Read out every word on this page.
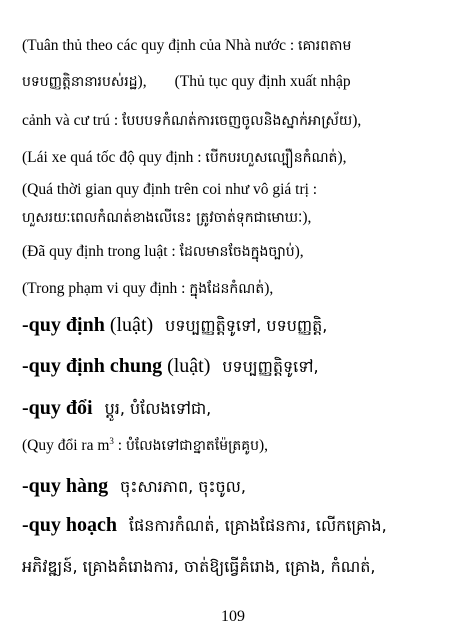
(Tuân thủ theo các quy định của Nhà nước : គោរពតាម
បទបញ្ញត្តិនានារបស់រដ្ឋ), (Thủ tục quy định xuất nhập
cảnh và cư trú : បែបបទកំណត់ការចេញចូលនិងស្នាក់អាស្រ័យ),
(Lái xe quá tốc độ quy định : បើកបរហួសល្បឿនកំណត់),
(Quá thời gian quy định trên coi như vô giá trị :
ហួសរយៈពេលកំណត់ខាងលើនេះ ត្រូវចាត់ទុកជាមោឃៈ),
(Đã quy định trong luật : ដែលមានចែងក្នុងច្បាប់),
(Trong phạm vi quy định : ក្នុងដែនកំណត់),
-quy định (luật) បទប្បញ្ញត្តិទូទៅ, បទបញ្ញត្តិ,
-quy định chung (luật) បទប្បញ្ញត្តិទូទៅ,
-quy đổi ប្តូរ, បំលែងទៅជា,
(Quy đổi ra $m^3$ : បំលែងទៅជាខ្នាតម៉ែត្រគូប),
-quy hàng ចុះសារភាព, ចុះចូល,
-quy hoạch ផែនការកំណត់, គ្រោងផែនការ, លើកគ្រោង,
អភិវឌ្ឍន៍, គ្រោងគំរោងការ, ចាត់ឱ្យធ្វើគំរោង, គ្រោង, កំណត់,
109
